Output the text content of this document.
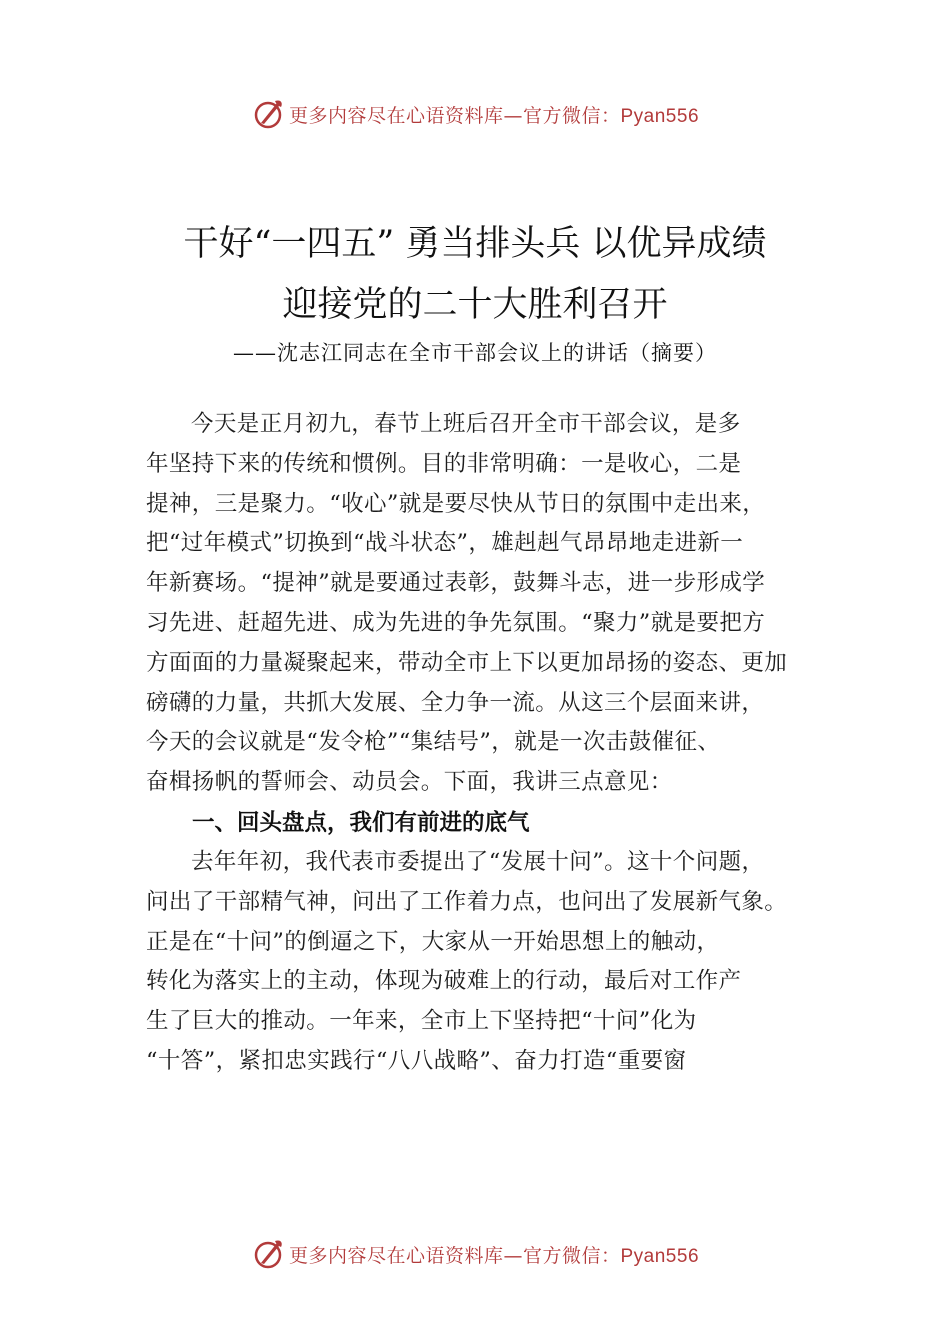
更多内容尽在心语资料库—官方微信：Pyan556
干好“一四五” 勇当排头兵 以优异成绩
迎接党的二十大胜利召开
——沈志江同志在全市干部会议上的讲话（摘要）
今天是正月初九，春节上班后召开全市干部会议，是多
年坚持下来的传统和惯例。目的非常明确：一是收心，二是
提神，三是聚力。“收心”就是要尽快从节日的氛围中走出来，
把“过年模式”切换到“战斗状态”，雄赳赳气昂昂地走进新一
年新赛场。“提神”就是要通过表彰，鼓舞斗志，进一步形成学
习先进、赶超先进、成为先进的争先氛围。“聚力”就是要把方
方面面的力量凝聚起来，带动全市上下以更加昂扬的姿态、更加
磅礴的力量，共抓大发展、全力争一流。从这三个层面来讲，
今天的会议就是“发令枪”“集结号”，就是一次击鼓催征、
奋楫扬帆的誓师会、动员会。下面，我讲三点意见：
一、回头盘点，我们有前进的底气
去年年初，我代表市委提出了“发展十问”。这十个问题，
问出了干部精气神，问出了工作着力点，也问出了发展新气象。
正是在“十问”的倒逼之下，大家从一开始思想上的触动，
转化为落实上的主动，体现为破难上的行动，最后对工作产
生了巨大的推动。一年来，全市上下坚持把“十问”化为
“十答”，紧扣忠实践行“八八战略”、奋力打造“重要窗
更多内容尽在心语资料库—官方微信：Pyan556
